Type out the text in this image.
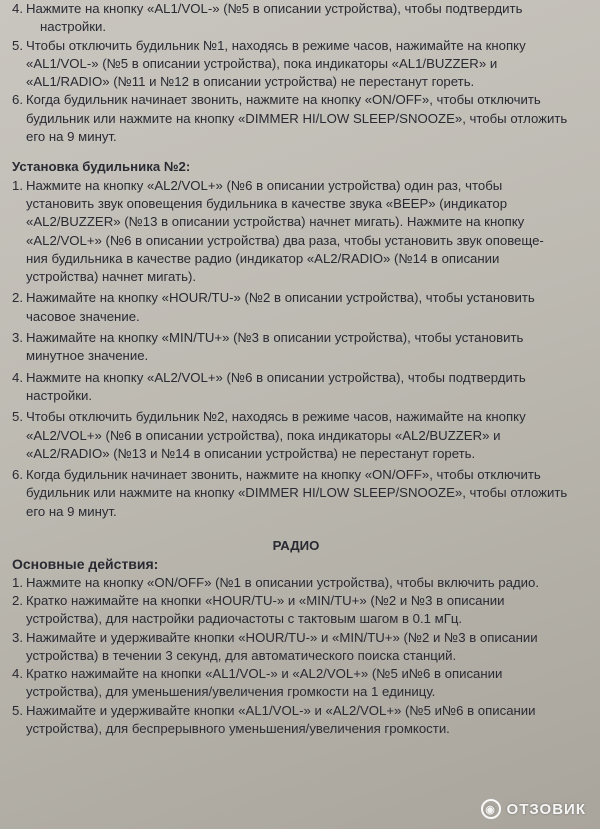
4. Нажмите на кнопку «AL1/VOL-» (№5 в описании устройства), чтобы подтвердить
настройки.
5. Чтобы отключить будильник №1, находясь в режиме часов, нажимайте на кнопку
«AL1/VOL-» (№5 в описании устройства), пока индикаторы «AL1/BUZZER» и
«AL1/RADIO» (№11 и №12 в описании устройства) не перестанут гореть.
6. Когда будильник начинает звонить, нажмите на кнопку «ON/OFF», чтобы отключить
будильник или нажмите на кнопку «DIMMER HI/LOW SLEEP/SNOOZE», чтобы отложить
его на 9 минут.
Установка будильника №2:
1. Нажмите на кнопку «AL2/VOL+» (№6 в описании устройства) один раз, чтобы
установить звук оповещения будильника в качестве звука «BEEP» (индикатор
«AL2/BUZZER» (№13 в описании устройства) начнет мигать). Нажмите на кнопку
«AL2/VOL+» (№6 в описании устройства) два раза, чтобы установить звук оповеще-
ния будильника в качестве радио (индикатор «AL2/RADIO» (№14 в описании
устройства) начнет мигать).
2. Нажимайте на кнопку «HOUR/TU-» (№2 в описании устройства), чтобы установить
часовое значение.
3. Нажимайте на кнопку «MIN/TU+» (№3 в описании устройства), чтобы установить
минутное значение.
4. Нажмите на кнопку «AL2/VOL+» (№6 в описании устройства), чтобы подтвердить
настройки.
5. Чтобы отключить будильник №2, находясь в режиме часов, нажимайте на кнопку
«AL2/VOL+» (№6 в описании устройства), пока индикаторы «AL2/BUZZER» и
«AL2/RADIO» (№13 и №14 в описании устройства) не перестанут гореть.
6. Когда будильник начинает звонить, нажмите на кнопку «ON/OFF», чтобы отключить
будильник или нажмите на кнопку «DIMMER HI/LOW SLEEP/SNOOZE», чтобы отложить
его на 9 минут.
РАДИО
Основные действия:
1. Нажмите на кнопку «ON/OFF» (№1 в описании устройства), чтобы включить радио.
2. Кратко нажимайте на кнопки «HOUR/TU-» и «MIN/TU+» (№2 и №3 в описании
устройства), для настройки радиочастоты с тактовым шагом в 0.1 мГц.
3. Нажимайте и удерживайте кнопки «HOUR/TU-» и «MIN/TU+» (№2 и №3 в описании
устройства) в течении 3 секунд, для автоматического поиска станций.
4. Кратко нажимайте на кнопки «AL1/VOL-» и «AL2/VOL+» (№5 и№6 в описании
устройства), для уменьшения/увеличения громкости на 1 единицу.
5. Нажимайте и удерживайте кнопки «AL1/VOL-» и «AL2/VOL+» (№5 и№6 в описании
устройства), для беспрерывного уменьшения/увеличения громкости.
◉ ОТЗОВИК
